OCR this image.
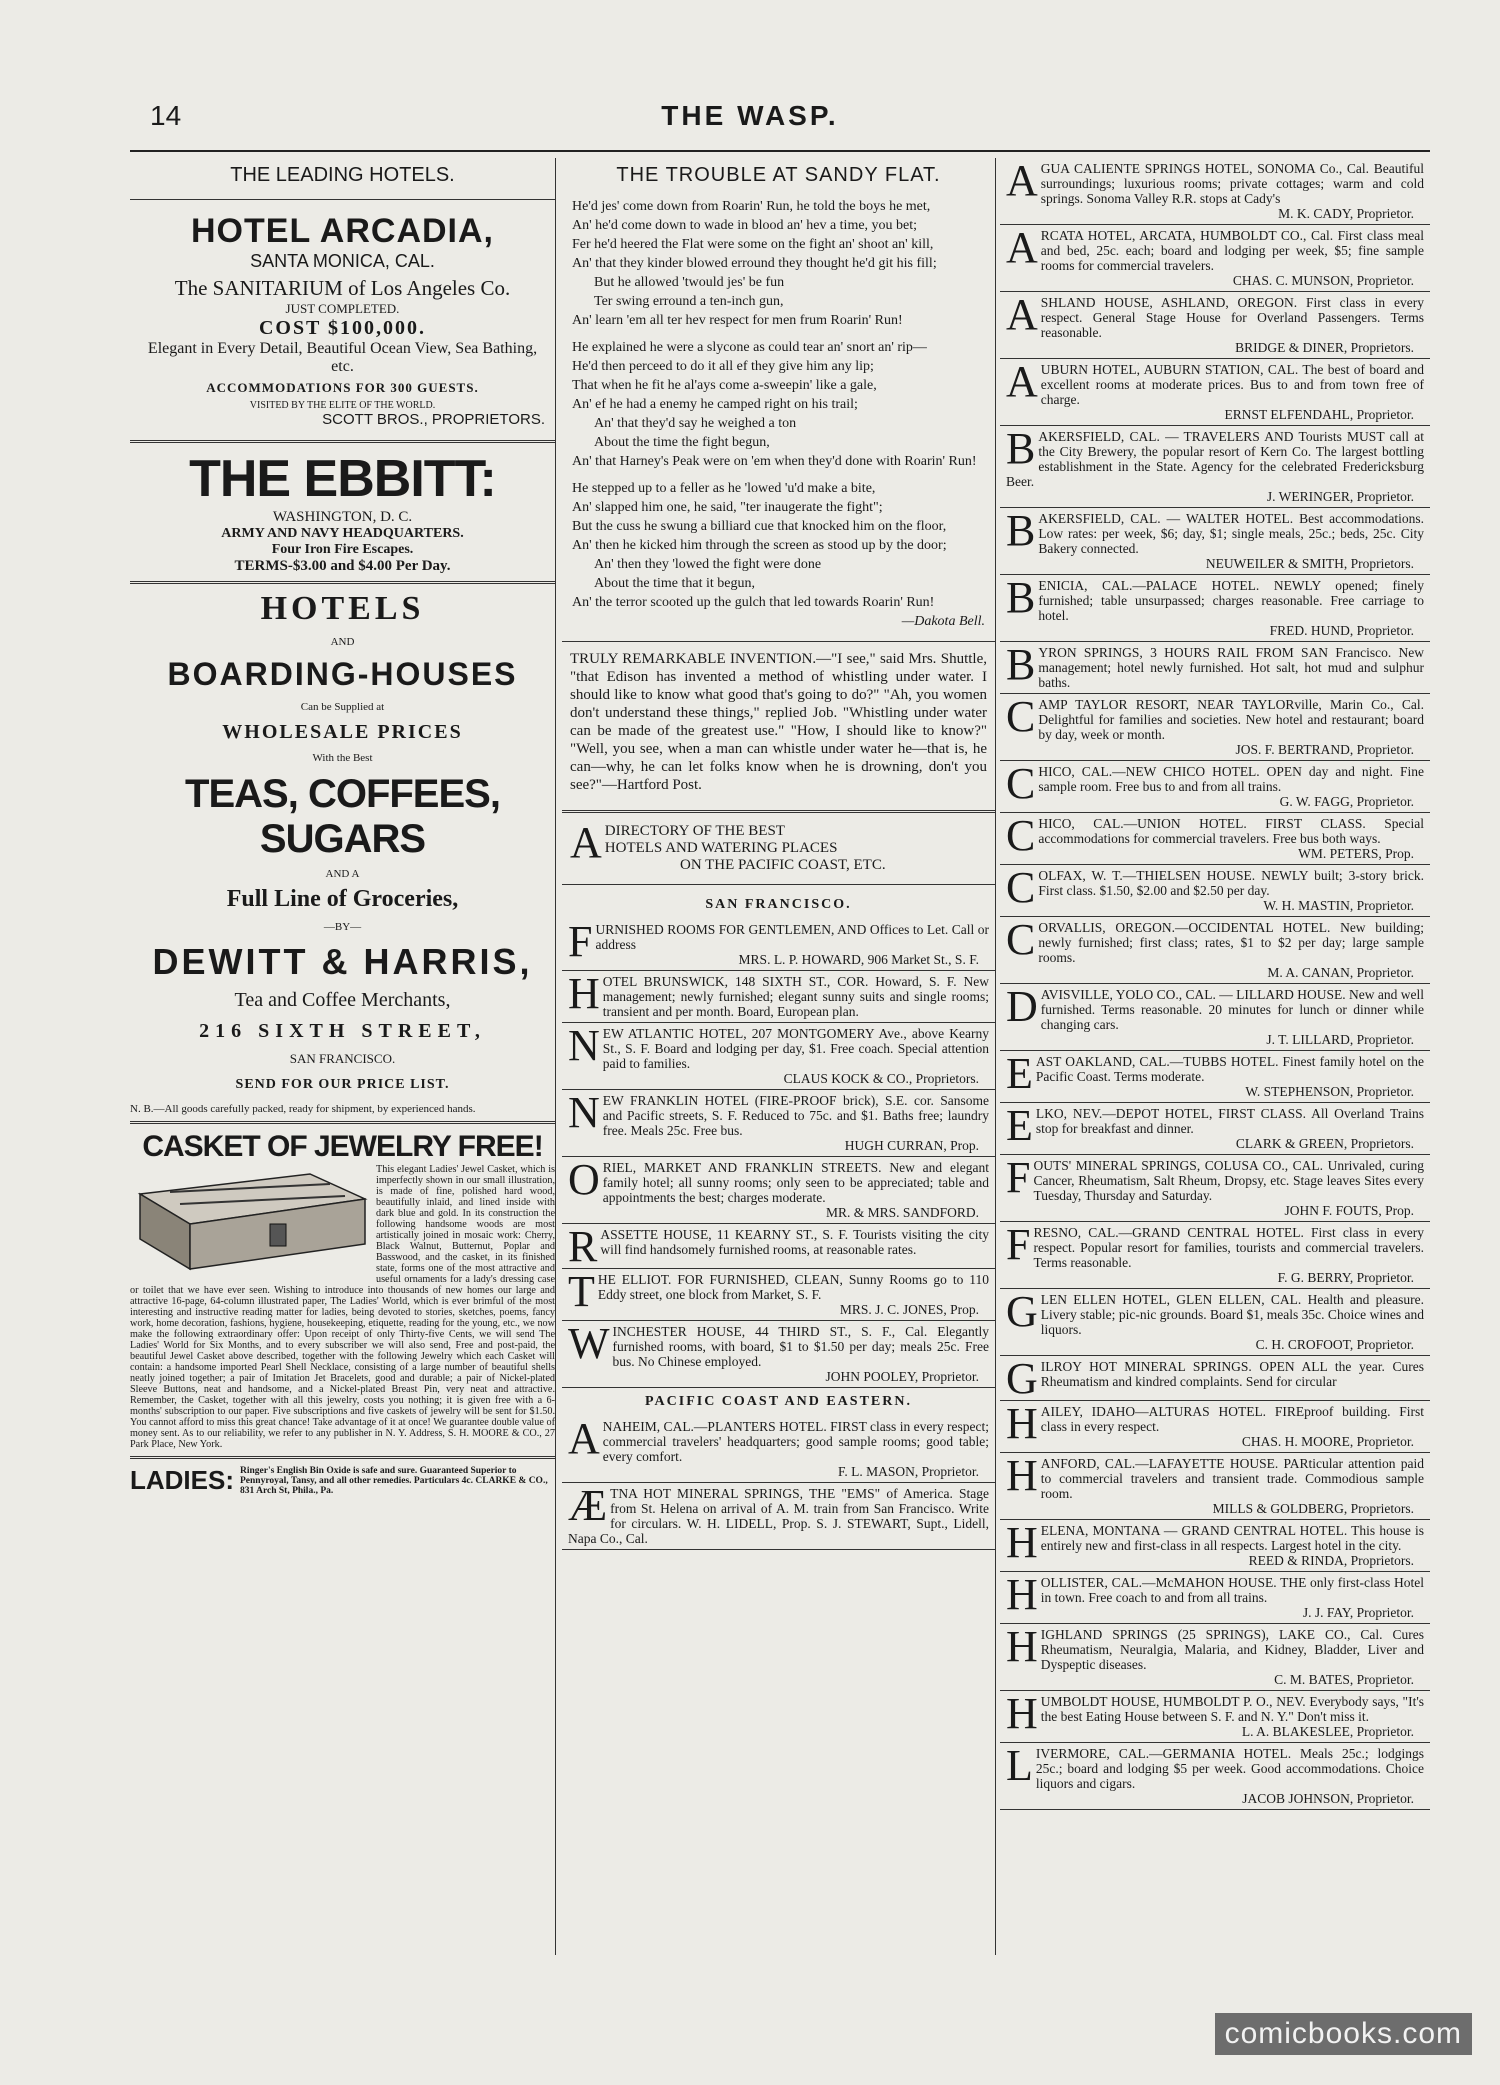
14	THE WASP.
THE LEADING HOTELS.
HOTEL ARCADIA,
SANTA MONICA, CAL.
The SANITARIUM of Los Angeles Co.
JUST COMPLETED.
COST $100,000.
Elegant in Every Detail, Beautiful Ocean View, Sea Bathing, etc.
ACCOMMODATIONS FOR 300 GUESTS.
VISITED BY THE ELITE OF THE WORLD.
SCOTT BROS., PROPRIETORS.
THE EBBITT:
WASHINGTON, D. C.
ARMY AND NAVY HEADQUARTERS.
Four Iron Fire Escapes.
TERMS-$3.00 and $4.00 Per Day.
HOTELS
AND
BOARDING-HOUSES
Can be Supplied at
WHOLESALE PRICES
With the Best
TEAS, COFFEES, SUGARS
AND A
Full Line of Groceries,
—BY—
DEWITT & HARRIS,
Tea and Coffee Merchants,
216 SIXTH STREET,
SAN FRANCISCO.
SEND FOR OUR PRICE LIST.
N. B.—All goods carefully packed, ready for shipment, by experienced hands.
CASKET OF JEWELRY FREE!
This elegant Ladies' Jewel Casket, which is imperfectly shown in our small illustration, is made of fine, polished hard wood, beautifully inlaid, and lined inside with dark blue and gold. In its construction the following handsome woods are most artistically joined in mosaic work: Cherry, Black Walnut, Butternut, Poplar and Basswood, and the casket, in its finished state, forms one of the most attractive and useful ornaments for a lady's dressing case or toilet that we have ever seen. Wishing to introduce into thousands of new homes our large and attractive 16-page, 64-column illustrated paper, The Ladies' World, which is ever brimful of the most interesting and instructive reading matter for ladies, being devoted to stories, sketches, poems, fancy work, home decoration, fashions, hygiene, housekeeping, etiquette, reading for the young, etc., we now make the following extraordinary offer: Upon receipt of only Thirty-five Cents, we will send The Ladies' World for Six Months, and to every subscriber we will also send, Free and post-paid, the beautiful Jewel Casket above described, together with the following Jewelry which each Casket will contain: a handsome imported Pearl Shell Necklace, consisting of a large number of beautiful shells neatly joined together; a pair of Imitation Jet Bracelets, good and durable; a pair of Nickel-plated Sleeve Buttons, neat and handsome, and a Nickel-plated Breast Pin, very neat and attractive. Remember, the Casket, together with all this jewelry, costs you nothing; it is given free with a 6-months' subscription to our paper. Five subscriptions and five caskets of jewelry will be sent for $1.50. You cannot afford to miss this great chance! Take advantage of it at once! We guarantee double value of money sent. As to our reliability, we refer to any publisher in N. Y. Address, S. H. MOORE & CO., 27 Park Place, New York.
LADIES: Ringer's English Bin Oxide is safe and sure. Guaranteed Superior to Pennyroyal, Tansy, and all other remedies. Particulars 4c. CLARKE & CO., 831 Arch St, Phila., Pa.
THE TROUBLE AT SANDY FLAT.
He'd jes' come down from Roarin' Run, he told the boys he met,
An' he'd come down to wade in blood an' hev a time, you bet;
Fer he'd heered the Flat were some on the fight an' shoot an' kill,
An' that they kinder blowed erround they thought he'd git his fill;
But he allowed 'twould jes' be fun
Ter swing erround a ten-inch gun,
An' learn 'em all ter hev respect for men frum Roarin' Run!
He explained he were a slycone as could tear an' snort an' rip—
He'd then perceed to do it all ef they give him any lip;
That when he fit he al'ays come a-sweepin' like a gale,
An' ef he had a enemy he camped right on his trail;
An' that they'd say he weighed a ton
About the time the fight begun,
An' that Harney's Peak were on 'em when they'd done with Roarin' Run!
He stepped up to a feller as he 'lowed 'u'd make a bite,
An' slapped him one, he said, "ter inaugerate the fight";
But the cuss he swung a billiard cue that knocked him on the floor,
An' then he kicked him through the screen as stood up by the door;
An' then they 'lowed the fight were done
About the time that it begun,
An' the terror scooted up the gulch that led towards Roarin' Run!
—Dakota Bell.
TRULY REMARKABLE INVENTION.—"I see," said Mrs. Shuttle, "that Edison has invented a method of whistling under water. I should like to know what good that's going to do?" "Ah, you women don't understand these things," replied Job. "Whistling under water can be made of the greatest use." "How, I should like to know?" "Well, you see, when a man can whistle under water he—that is, he can—why, he can let folks know when he is drowning, don't you see?"—Hartford Post.
A DIRECTORY OF THE BEST
HOTELS AND WATERING PLACES
ON THE PACIFIC COAST, ETC.
SAN FRANCISCO.
FURNISHED ROOMS FOR GENTLEMEN, AND Offices to Let. Call or address
MRS. L. P. HOWARD, 906 Market St., S. F.
HOTEL BRUNSWICK, 148 SIXTH ST., COR. Howard, S. F. New management; newly furnished; elegant sunny suits and single rooms; transient and per month. Board, European plan.
NEW ATLANTIC HOTEL, 207 MONTGOMERY Ave., above Kearny St., S. F. Board and lodging per day, $1. Free coach. Special attention paid to families.
CLAUS KOCK & CO., Proprietors.
NEW FRANKLIN HOTEL (FIRE-PROOF brick), S.E. cor. Sansome and Pacific streets, S. F. Reduced to 75c. and $1. Baths free; laundry free. Meals 25c. Free bus.
HUGH CURRAN, Prop.
ORIEL, MARKET AND FRANKLIN STREETS. New and elegant family hotel; all sunny rooms; only seen to be appreciated; table and appointments the best; charges moderate.
MR. & MRS. SANDFORD.
RASSETTE HOUSE, 11 KEARNY ST., S. F. Tourists visiting the city will find handsomely furnished rooms, at reasonable rates.
THE ELLIOT. FOR FURNISHED, CLEAN, Sunny Rooms go to 110 Eddy street, one block from Market, S. F.
MRS. J. C. JONES, Prop.
WINCHESTER HOUSE, 44 THIRD ST., S. F., Cal. Elegantly furnished rooms, with board, $1 to $1.50 per day; meals 25c. Free bus. No Chinese employed.
JOHN POOLEY, Proprietor.
PACIFIC COAST AND EASTERN.
ANAHEIM, CAL.—PLANTERS HOTEL. FIRST class in every respect; commercial travelers' headquarters; good sample rooms; good table; every comfort.
F. L. MASON, Proprietor.
ÆTNA HOT MINERAL SPRINGS, THE "EMS" of America. Stage from St. Helena on arrival of A. M. train from San Francisco. Write for circulars. W. H. LIDELL, Prop. S. J. STEWART, Supt., Lidell, Napa Co., Cal.
AGUA CALIENTE SPRINGS HOTEL, SONOMA Co., Cal. Beautiful surroundings; luxurious rooms; private cottages; warm and cold springs. Sonoma Valley R.R. stops at Cady's
M. K. CADY, Proprietor.
ARCATA HOTEL, ARCATA, HUMBOLDT CO., Cal. First class meal and bed, 25c. each; board and lodging per week, $5; fine sample rooms for commercial travelers.
CHAS. C. MUNSON, Proprietor.
ASHLAND HOUSE, ASHLAND, OREGON. First class in every respect. General Stage House for Overland Passengers. Terms reasonable.
BRIDGE & DINER, Proprietors.
AUBURN HOTEL, AUBURN STATION, CAL. The best of board and excellent rooms at moderate prices. Bus to and from town free of charge.
ERNST ELFENDAHL, Proprietor.
BAKERSFIELD, CAL. — TRAVELERS AND Tourists MUST call at the City Brewery, the popular resort of Kern Co. The largest bottling establishment in the State. Agency for the celebrated Fredericksburg Beer.
J. WERINGER, Proprietor.
BAKERSFIELD, CAL. — WALTER HOTEL. Best accommodations. Low rates: per week, $6; day, $1; single meals, 25c.; beds, 25c. City Bakery connected.
NEUWEILER & SMITH, Proprietors.
BENICIA, CAL.—PALACE HOTEL. NEWLY opened; finely furnished; table unsurpassed; charges reasonable. Free carriage to hotel.
FRED. HUND, Proprietor.
BYRON SPRINGS, 3 HOURS RAIL FROM SAN Francisco. New management; hotel newly furnished. Hot salt, hot mud and sulphur baths.
CAMP TAYLOR RESORT, NEAR TAYLORville, Marin Co., Cal. Delightful for families and societies. New hotel and restaurant; board by day, week or month.
JOS. F. BERTRAND, Proprietor.
CHICO, CAL.—NEW CHICO HOTEL. OPEN day and night. Fine sample room. Free bus to and from all trains.
G. W. FAGG, Proprietor.
CHICO, CAL.—UNION HOTEL. FIRST CLASS. Special accommodations for commercial travelers. Free bus both ways.
WM. PETERS, Prop.
COLFAX, W. T.—THIELSEN HOUSE. NEWLY built; 3-story brick. First class. $1.50, $2.00 and $2.50 per day.
W. H. MASTIN, Proprietor.
CORVALLIS, OREGON.—OCCIDENTAL HOTEL. New building; newly furnished; first class; rates, $1 to $2 per day; large sample rooms.
M. A. CANAN, Proprietor.
DAVISVILLE, YOLO CO., CAL. — LILLARD HOUSE. New and well furnished. Terms reasonable. 20 minutes for lunch or dinner while changing cars.
J. T. LILLARD, Proprietor.
EAST OAKLAND, CAL.—TUBBS HOTEL. Finest family hotel on the Pacific Coast. Terms moderate.
W. STEPHENSON, Proprietor.
ELKO, NEV.—DEPOT HOTEL, FIRST CLASS. All Overland Trains stop for breakfast and dinner.
CLARK & GREEN, Proprietors.
FOUTS' MINERAL SPRINGS, COLUSA CO., CAL. Unrivaled, curing Cancer, Rheumatism, Salt Rheum, Dropsy, etc. Stage leaves Sites every Tuesday, Thursday and Saturday.
JOHN F. FOUTS, Prop.
FRESNO, CAL.—GRAND CENTRAL HOTEL. First class in every respect. Popular resort for families, tourists and commercial travelers. Terms reasonable.
F. G. BERRY, Proprietor.
GLEN ELLEN HOTEL, GLEN ELLEN, CAL. Health and pleasure. Livery stable; pic-nic grounds. Board $1, meals 35c. Choice wines and liquors.
C. H. CROFOOT, Proprietor.
GILROY HOT MINERAL SPRINGS. OPEN ALL the year. Cures Rheumatism and kindred complaints. Send for circular
HAILEY, IDAHO—ALTURAS HOTEL. FIREproof building. First class in every respect.
CHAS. H. MOORE, Proprietor.
HANFORD, CAL.—LAFAYETTE HOUSE. PARticular attention paid to commercial travelers and transient trade. Commodious sample room.
MILLS & GOLDBERG, Proprietors.
HELENA, MONTANA — GRAND CENTRAL HOTEL. This house is entirely new and first-class in all respects. Largest hotel in the city.
REED & RINDA, Proprietors.
HOLLISTER, CAL.—McMAHON HOUSE. THE only first-class Hotel in town. Free coach to and from all trains.
J. J. FAY, Proprietor.
HIGHLAND SPRINGS (25 SPRINGS), LAKE CO., Cal. Cures Rheumatism, Neuralgia, Malaria, and Kidney, Bladder, Liver and Dyspeptic diseases.
C. M. BATES, Proprietor.
HUMBOLDT HOUSE, HUMBOLDT P. O., NEV. Everybody says, "It's the best Eating House between S. F. and N. Y." Don't miss it.
L. A. BLAKESLEE, Proprietor.
LIVERMORE, CAL.—GERMANIA HOTEL. Meals 25c.; lodgings 25c.; board and lodging $5 per week. Good accommodations. Choice liquors and cigars.
JACOB JOHNSON, Proprietor.
comicbooks.com
